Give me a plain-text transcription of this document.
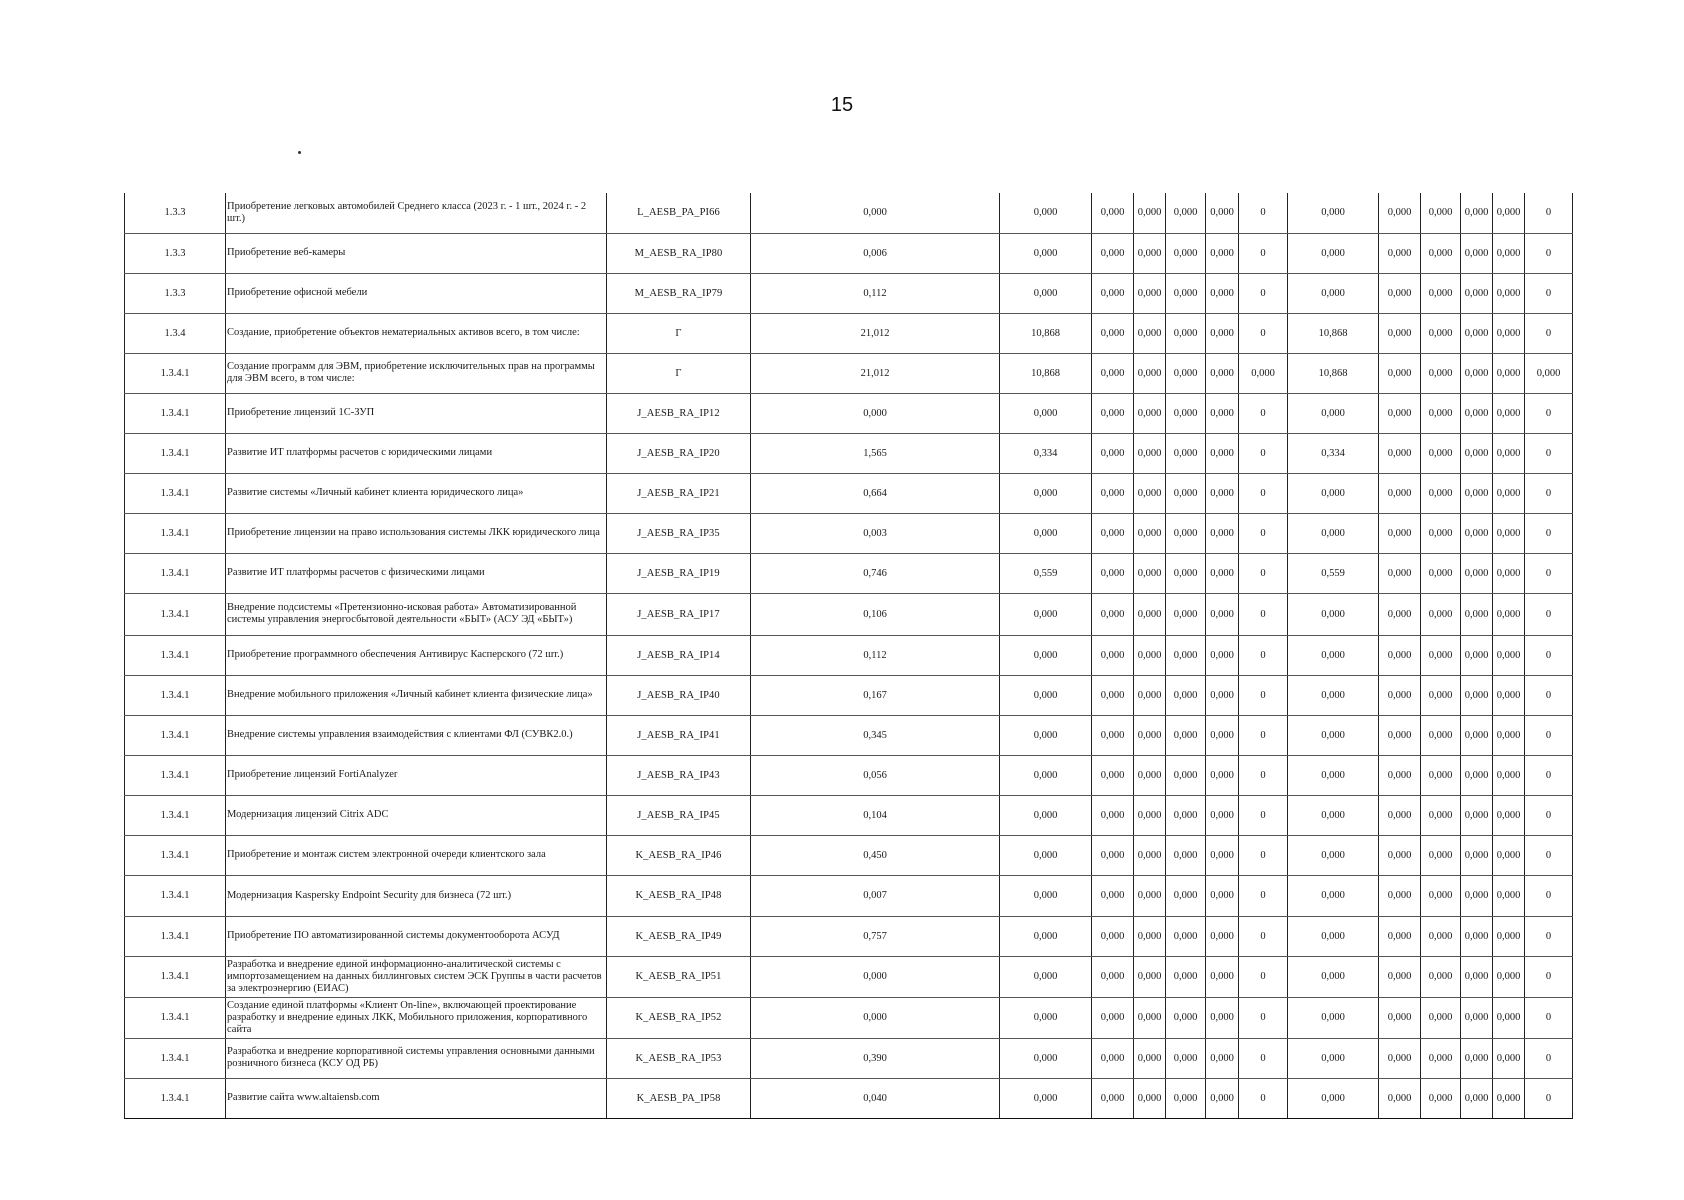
15
1.3.3	Приобретение легковых автомобилей Среднего класса (2023 г. - 1 шт., 2024 г. - 2 шт.)	L_AESB_PA_PI66	0,000	0,000	0,000	0,000	0,000	0,000	0	0,000	0,000	0,000	0,000	0,000	0
1.3.3	Приобретение веб-камеры	M_AESB_RA_IP80	0,006	0,000	0,000	0,000	0,000	0,000	0	0,000	0,000	0,000	0,000	0,000	0
1.3.3	Приобретение офисной мебели	M_AESB_RA_IP79	0,112	0,000	0,000	0,000	0,000	0,000	0	0,000	0,000	0,000	0,000	0,000	0
1.3.4	Создание, приобретение объектов нематериальных активов всего, в том числе:	Г	21,012	10,868	0,000	0,000	0,000	0,000	0	10,868	0,000	0,000	0,000	0,000	0
1.3.4.1	Создание программ для ЭВМ, приобретение исключительных прав на программы для ЭВМ всего, в том числе:	Г	21,012	10,868	0,000	0,000	0,000	0,000	0,000	10,868	0,000	0,000	0,000	0,000	0,000
1.3.4.1	Приобретение лицензий 1С-ЗУП	J_AESB_RA_IP12	0,000	0,000	0,000	0,000	0,000	0,000	0	0,000	0,000	0,000	0,000	0,000	0
1.3.4.1	Развитие ИТ платформы расчетов с юридическими лицами	J_AESB_RA_IP20	1,565	0,334	0,000	0,000	0,000	0,000	0	0,334	0,000	0,000	0,000	0,000	0
1.3.4.1	Развитие системы «Личный кабинет клиента юридического лица»	J_AESB_RA_IP21	0,664	0,000	0,000	0,000	0,000	0,000	0	0,000	0,000	0,000	0,000	0,000	0
1.3.4.1	Приобретение лицензии на право использования системы ЛКК юридического лица	J_AESB_RA_IP35	0,003	0,000	0,000	0,000	0,000	0,000	0	0,000	0,000	0,000	0,000	0,000	0
1.3.4.1	Развитие ИТ платформы расчетов с физическими лицами	J_AESB_RA_IP19	0,746	0,559	0,000	0,000	0,000	0,000	0	0,559	0,000	0,000	0,000	0,000	0
1.3.4.1	Внедрение подсистемы «Претензионно-исковая работа» Автоматизированной системы управления энергосбытовой деятельности «БЫТ» (АСУ ЭД «БЫТ»)	J_AESB_RA_IP17	0,106	0,000	0,000	0,000	0,000	0,000	0	0,000	0,000	0,000	0,000	0,000	0
1.3.4.1	Приобретение программного обеспечения Антивирус Касперского (72 шт.)	J_AESB_RA_IP14	0,112	0,000	0,000	0,000	0,000	0,000	0	0,000	0,000	0,000	0,000	0,000	0
1.3.4.1	Внедрение мобильного приложения «Личный кабинет клиента физические лица»	J_AESB_RA_IP40	0,167	0,000	0,000	0,000	0,000	0,000	0	0,000	0,000	0,000	0,000	0,000	0
1.3.4.1	Внедрение системы управления взаимодействия с клиентами ФЛ (СУВК2.0.)	J_AESB_RA_IP41	0,345	0,000	0,000	0,000	0,000	0,000	0	0,000	0,000	0,000	0,000	0,000	0
1.3.4.1	Приобретение лицензий FortiAnalyzer	J_AESB_RA_IP43	0,056	0,000	0,000	0,000	0,000	0,000	0	0,000	0,000	0,000	0,000	0,000	0
1.3.4.1	Модернизация лицензий Citrix ADC	J_AESB_RA_IP45	0,104	0,000	0,000	0,000	0,000	0,000	0	0,000	0,000	0,000	0,000	0,000	0
1.3.4.1	Приобретение и монтаж систем электронной очереди клиентского зала	K_AESB_RA_IP46	0,450	0,000	0,000	0,000	0,000	0,000	0	0,000	0,000	0,000	0,000	0,000	0
1.3.4.1	Модернизация Kaspersky Endpoint Security для бизнеса (72 шт.)	K_AESB_RA_IP48	0,007	0,000	0,000	0,000	0,000	0,000	0	0,000	0,000	0,000	0,000	0,000	0
1.3.4.1	Приобретение ПО автоматизированной системы документооборота АСУД	K_AESB_RA_IP49	0,757	0,000	0,000	0,000	0,000	0,000	0	0,000	0,000	0,000	0,000	0,000	0
1.3.4.1	Разработка и внедрение единой информационно-аналитической системы с импортозамещением на данных биллинговых систем ЭСК Группы в части расчетов за электроэнергию (ЕИАС)	K_AESB_RA_IP51	0,000	0,000	0,000	0,000	0,000	0,000	0	0,000	0,000	0,000	0,000	0,000	0
1.3.4.1	Создание единой платформы «Клиент On-line», включающей проектирование разработку и внедрение единых ЛКК, Мобильного приложения, корпоративного сайта	K_AESB_RA_IP52	0,000	0,000	0,000	0,000	0,000	0,000	0	0,000	0,000	0,000	0,000	0,000	0
1.3.4.1	Разработка и внедрение корпоративной системы управления основными данными розничного бизнеса (КСУ ОД РБ)	K_AESB_RA_IP53	0,390	0,000	0,000	0,000	0,000	0,000	0	0,000	0,000	0,000	0,000	0,000	0
1.3.4.1	Развитие сайта www.altaiensb.com	K_AESB_PA_IP58	0,040	0,000	0,000	0,000	0,000	0,000	0	0,000	0,000	0,000	0,000	0,000	0
